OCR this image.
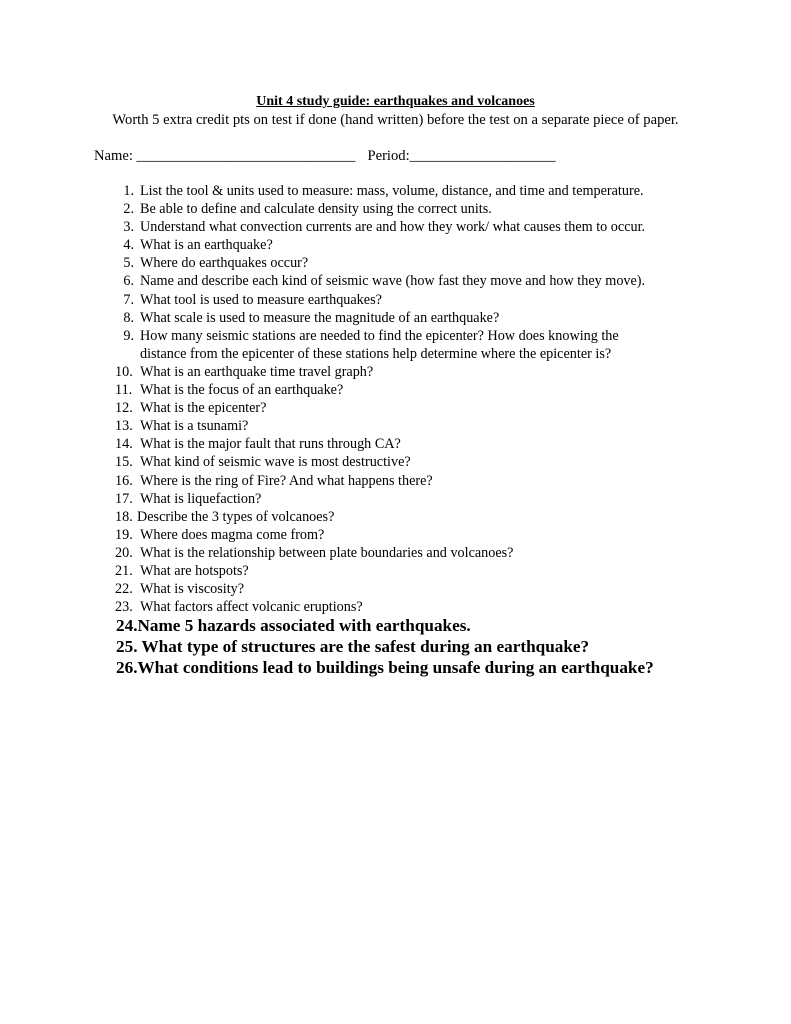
Unit 4 study guide: earthquakes and volcanoes
Worth 5 extra credit pts on test if done (hand written) before the test on a separate piece of paper.
Name: ______________________________ Period:____________________
1. List the tool & units used to measure: mass, volume, distance, and time and temperature.
2. Be able to define and calculate density using the correct units.
3. Understand what convection currents are and how they work/ what causes them to occur.
4. What is an earthquake?
5. Where do earthquakes occur?
6. Name and describe each kind of seismic wave (how fast they move and how they move).
7. What tool is used to measure earthquakes?
8. What scale is used to measure the magnitude of an earthquake?
9. How many seismic stations are needed to find the epicenter? How does knowing the
distance from the epicenter of these stations help determine where the epicenter is?
10. What is an earthquake time travel graph?
11. What is the focus of an earthquake?
12. What is the epicenter?
13. What is a tsunami?
14. What is the major fault that runs through CA?
15. What kind of seismic wave is most destructive?
16. Where is the ring of Fire? And what happens there?
17. What is liquefaction?
18. Describe the 3 types of volcanoes?
19. Where does magma come from?
20. What is the relationship between plate boundaries and volcanoes?
21. What are hotspots?
22. What is viscosity?
23. What factors affect volcanic eruptions?
24.Name 5 hazards associated with earthquakes.
25. What type of structures are the safest during an earthquake?
26.What conditions lead to buildings being unsafe during an earthquake?
